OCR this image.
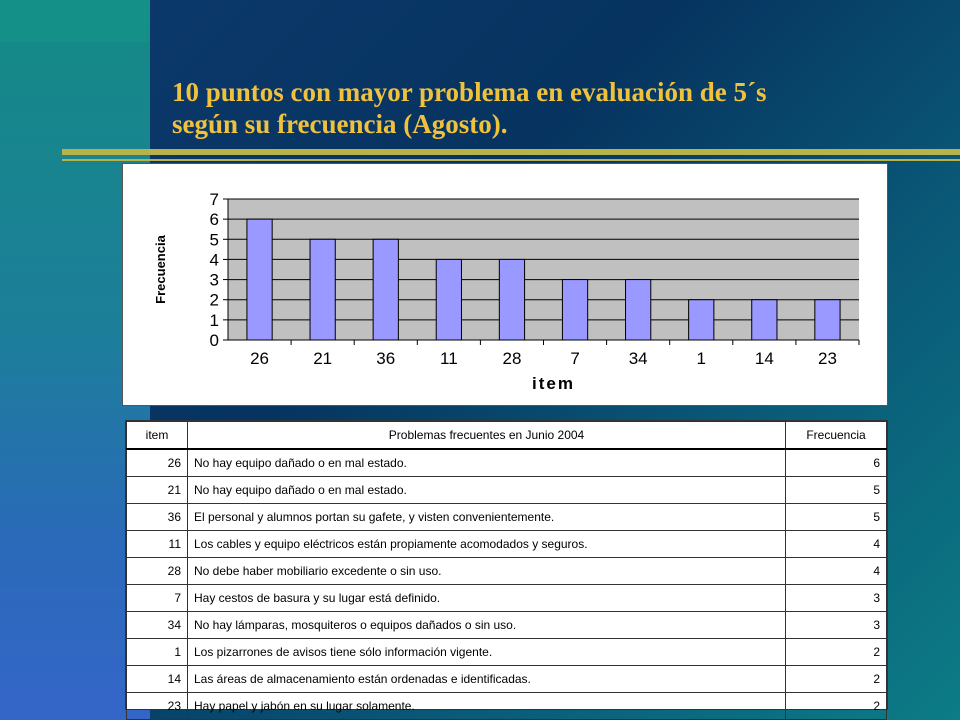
10 puntos con mayor problema en evaluación de 5´s
según su frecuencia (Agosto).
0
1
2
3
4
5
6
7
26	21	36	11	28	7	34	1	14	23
item
Frecuencia
item	Problemas frecuentes en Junio 2004	Frecuencia
26	No hay equipo dañado o en mal estado.	6
21	No hay equipo dañado o en mal estado.	5
36	El personal y alumnos portan su gafete, y visten convenientemente.	5
11	Los cables y equipo eléctricos están propiamente acomodados y seguros.	4
28	No debe haber mobiliario excedente o sin uso.	4
7	Hay cestos de basura y su lugar está definido.	3
34	No hay lámparas, mosquiteros o equipos dañados o sin uso.	3
1	Los pizarrones de avisos tiene sólo información vigente.	2
14	Las áreas de almacenamiento están ordenadas e identificadas.	2
23	Hay papel y jabón en su lugar solamente.	2
